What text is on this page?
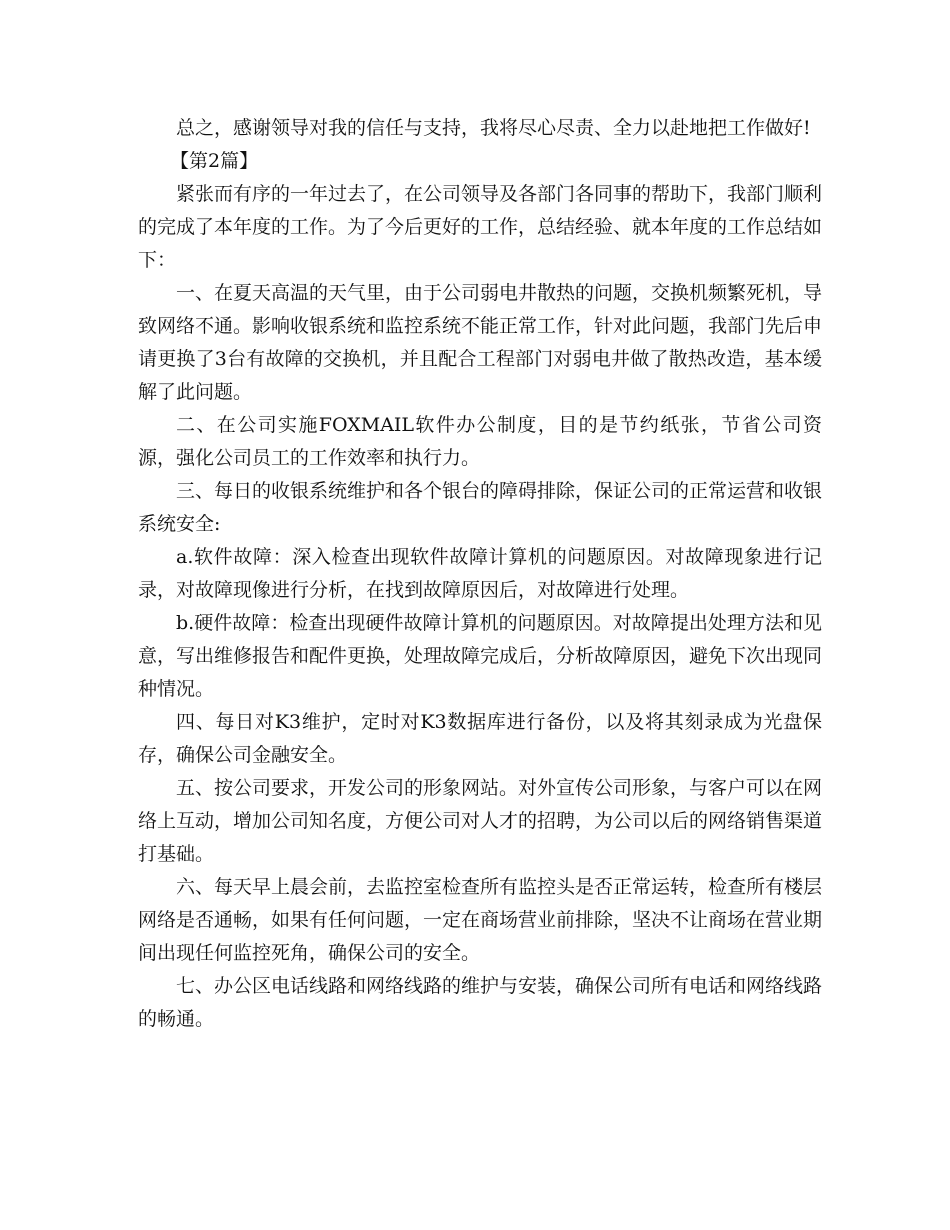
总之，感谢领导对我的信任与支持，我将尽心尽责、全力以赴地把工作做好!

【第2篇】

紧张而有序的一年过去了，在公司领导及各部门各同事的帮助下，我部门顺利的完成了本年度的工作。为了今后更好的工作，总结经验、就本年度的工作总结如下：

一、在夏天高温的天气里，由于公司弱电井散热的问题，交换机频繁死机，导致网络不通。影响收银系统和监控系统不能正常工作，针对此问题，我部门先后申请更换了3台有故障的交换机，并且配合工程部门对弱电井做了散热改造，基本缓解了此问题。

二、在公司实施FOXMAIL软件办公制度，目的是节约纸张，节省公司资源，强化公司员工的工作效率和执行力。

三、每日的收银系统维护和各个银台的障碍排除，保证公司的正常运营和收银系统安全:

a.软件故障：深入检查出现软件故障计算机的问题原因。对故障现象进行记录，对故障现像进行分析，在找到故障原因后，对故障进行处理。

b.硬件故障：检查出现硬件故障计算机的问题原因。对故障提出处理方法和见意，写出维修报告和配件更换，处理故障完成后，分析故障原因，避免下次出现同种情况。

四、每日对K3维护，定时对K3数据库进行备份，以及将其刻录成为光盘保存，确保公司金融安全。

五、按公司要求，开发公司的形象网站。对外宣传公司形象，与客户可以在网络上互动，增加公司知名度，方便公司对人才的招聘，为公司以后的网络销售渠道打基础。

六、每天早上晨会前，去监控室检查所有监控头是否正常运转，检查所有楼层网络是否通畅，如果有任何问题，一定在商场营业前排除，坚决不让商场在营业期间出现任何监控死角，确保公司的安全。

七、办公区电话线路和网络线路的维护与安装，确保公司所有电话和网络线路的畅通。
